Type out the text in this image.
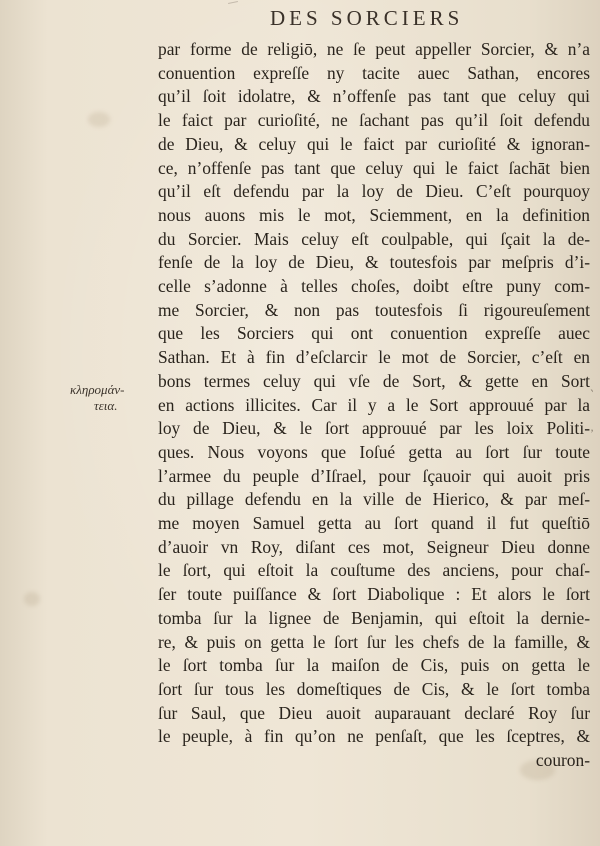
DES SORCIERS
κληρομάν-
τεια.
ˏ
’
par forme de religiō, ne ſe peut appeller Sorcier, & n’a
conuention expreſſe ny tacite auec Sathan, encores
qu’il ſoit idolatre, & n’offenſe pas tant que celuy qui
le faict par curioſité, ne ſachant pas qu’il ſoit defendu
de Dieu, & celuy qui le faict par curioſité & ignoran-
ce, n’offenſe pas tant que celuy qui le faict ſachāt bien
qu’il eſt defendu par la loy de Dieu. C’eſt pourquoy
nous auons mis le mot, Sciemment, en la definition
du Sorcier. Mais celuy eſt coulpable, qui ſçait la de-
fenſe de la loy de Dieu, & toutesfois par meſpris d’i-
celle s’adonne à telles choſes, doibt eſtre puny com-
me Sorcier, & non pas toutesfois ſi rigoureuſement
que les Sorciers qui ont conuention expreſſe auec
Sathan. Et à fin d’eſclarcir le mot de Sorcier, c’eſt en
bons termes celuy qui vſe de Sort, & gette en Sort
en actions illicites. Car il y a le Sort approuué par la
loy de Dieu, & le ſort approuué par les loix Politi-
ques. Nous voyons que Ioſué getta au ſort ſur toute
l’armee du peuple d’Iſrael, pour ſçauoir qui auoit pris
du pillage defendu en la ville de Hierico, & par meſ-
me moyen Samuel getta au ſort quand il fut queſtiō
d’auoir vn Roy, diſant ces mot, Seigneur Dieu donne
le ſort, qui eſtoit la couſtume des anciens, pour chaſ-
ſer toute puiſſance & ſort Diabolique : Et alors le ſort
tomba ſur la lignee de Benjamin, qui eſtoit la dernie-
re, & puis on getta le ſort ſur les chefs de la famille, &
le ſort tomba ſur la maiſon de Cis, puis on getta le
ſort ſur tous les domeſtiques de Cis, & le ſort tomba
ſur Saul, que Dieu auoit auparauant declaré Roy ſur
le peuple, à fin qu’on ne penſaſt, que les ſceptres, &
couron-
